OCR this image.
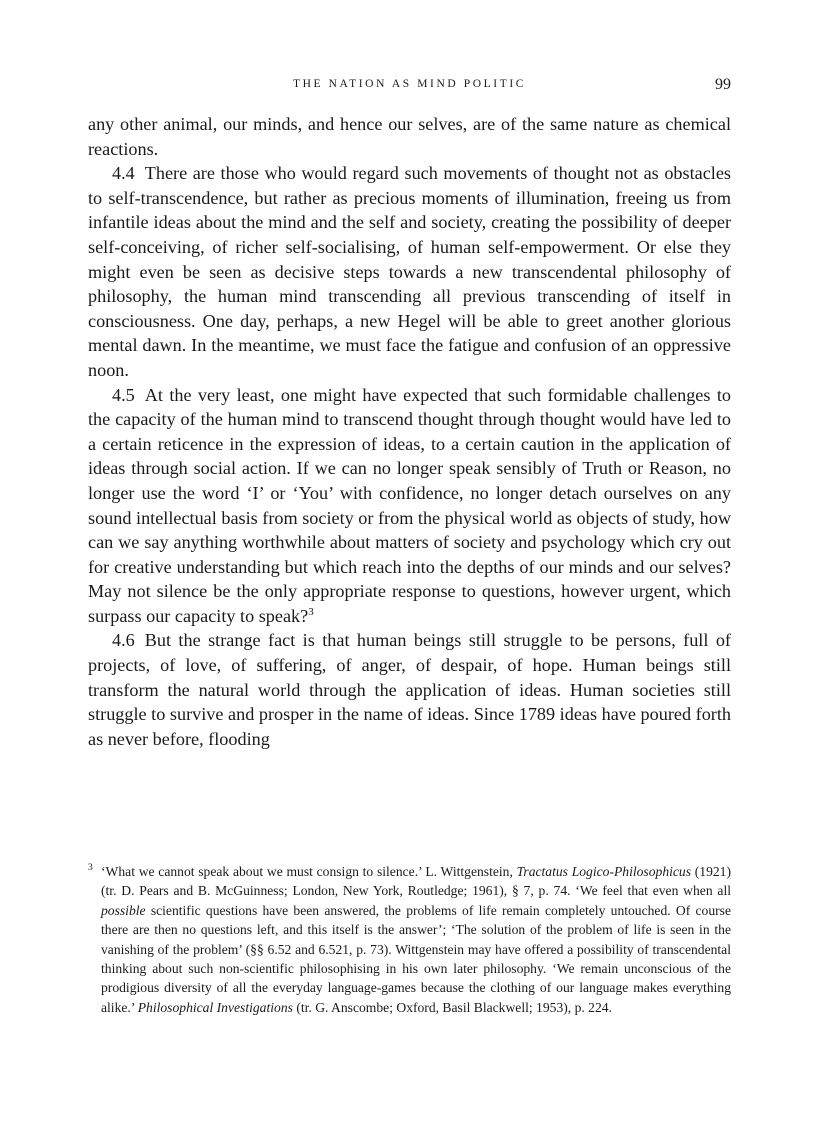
THE NATION AS MIND POLITIC	99

any other animal, our minds, and hence our selves, are of the same nature as chemical reactions.

4.4 There are those who would regard such movements of thought not as obstacles to self-transcendence, but rather as precious moments of illumination, freeing us from infantile ideas about the mind and the self and society, creating the possibility of deeper self-conceiving, of richer self-socialising, of human self-empowerment. Or else they might even be seen as decisive steps towards a new transcendental philosophy of philosophy, the human mind transcending all previous transcending of itself in consciousness. One day, perhaps, a new Hegel will be able to greet another glorious mental dawn. In the meantime, we must face the fatigue and confusion of an oppressive noon.

4.5 At the very least, one might have expected that such formidable challenges to the capacity of the human mind to transcend thought through thought would have led to a certain reticence in the expression of ideas, to a certain caution in the application of ideas through social action. If we can no longer speak sensibly of Truth or Reason, no longer use the word ‘I’ or ‘You’ with confidence, no longer detach ourselves on any sound intellectual basis from society or from the physical world as objects of study, how can we say anything worthwhile about matters of society and psychology which cry out for creative understanding but which reach into the depths of our minds and our selves? May not silence be the only appropriate response to questions, however urgent, which surpass our capacity to speak?$^3$

4.6 But the strange fact is that human beings still struggle to be persons, full of projects, of love, of suffering, of anger, of despair, of hope. Human beings still transform the natural world through the application of ideas. Human societies still struggle to survive and prosper in the name of ideas. Since 1789 ideas have poured forth as never before, flooding

3 ‘What we cannot speak about we must consign to silence.’ L. Wittgenstein, Tractatus Logico-Philosophicus (1921) (tr. D. Pears and B. McGuinness; London, New York, Routledge; 1961), § 7, p. 74. ‘We feel that even when all possible scientific questions have been answered, the problems of life remain completely untouched. Of course there are then no questions left, and this itself is the answer’; ‘The solution of the problem of life is seen in the vanishing of the problem’ (§§ 6.52 and 6.521, p. 73). Wittgenstein may have offered a possibility of transcendental thinking about such non-scientific philosophising in his own later philosophy. ‘We remain unconscious of the prodigious diversity of all the everyday language-games because the clothing of our language makes everything alike.’ Philosophical Investigations (tr. G. Anscombe; Oxford, Basil Blackwell; 1953), p. 224.
